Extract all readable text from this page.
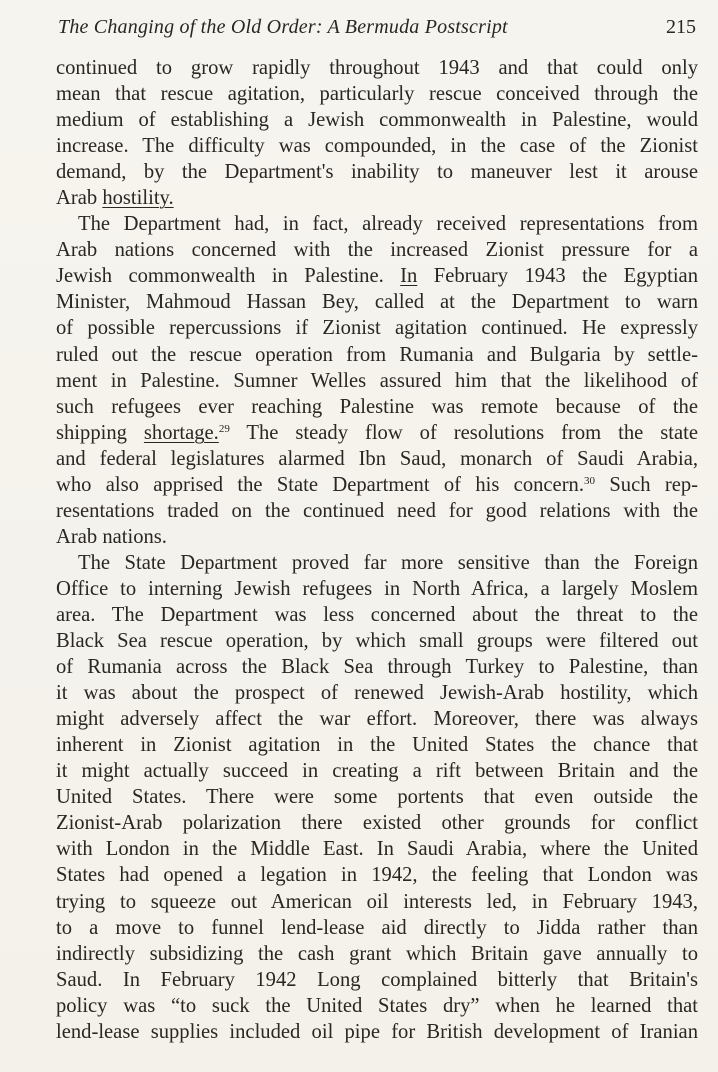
The Changing of the Old Order: A Bermuda Postscript	215
continued to grow rapidly throughout 1943 and that could only
mean that rescue agitation, particularly rescue conceived through the
medium of establishing a Jewish commonwealth in Palestine, would
increase. The difficulty was compounded, in the case of the Zionist
demand, by the Department's inability to maneuver lest it arouse
Arab hostility.
The Department had, in fact, already received representations from
Arab nations concerned with the increased Zionist pressure for a
Jewish commonwealth in Palestine. In February 1943 the Egyptian
Minister, Mahmoud Hassan Bey, called at the Department to warn
of possible repercussions if Zionist agitation continued. He expressly
ruled out the rescue operation from Rumania and Bulgaria by settle-
ment in Palestine. Sumner Welles assured him that the likelihood of
such refugees ever reaching Palestine was remote because of the
shipping shortage.$^{29}$ The steady flow of resolutions from the state
and federal legislatures alarmed Ibn Saud, monarch of Saudi Arabia,
who also apprised the State Department of his concern.$^{30}$ Such rep-
resentations traded on the continued need for good relations with the
Arab nations.
The State Department proved far more sensitive than the Foreign
Office to interning Jewish refugees in North Africa, a largely Moslem
area. The Department was less concerned about the threat to the
Black Sea rescue operation, by which small groups were filtered out
of Rumania across the Black Sea through Turkey to Palestine, than
it was about the prospect of renewed Jewish-Arab hostility, which
might adversely affect the war effort. Moreover, there was always
inherent in Zionist agitation in the United States the chance that
it might actually succeed in creating a rift between Britain and the
United States. There were some portents that even outside the
Zionist-Arab polarization there existed other grounds for conflict
with London in the Middle East. In Saudi Arabia, where the United
States had opened a legation in 1942, the feeling that London was
trying to squeeze out American oil interests led, in February 1943,
to a move to funnel lend-lease aid directly to Jidda rather than
indirectly subsidizing the cash grant which Britain gave annually to
Saud. In February 1942 Long complained bitterly that Britain's
policy was “to suck the United States dry” when he learned that
lend-lease supplies included oil pipe for British development of Iranian
